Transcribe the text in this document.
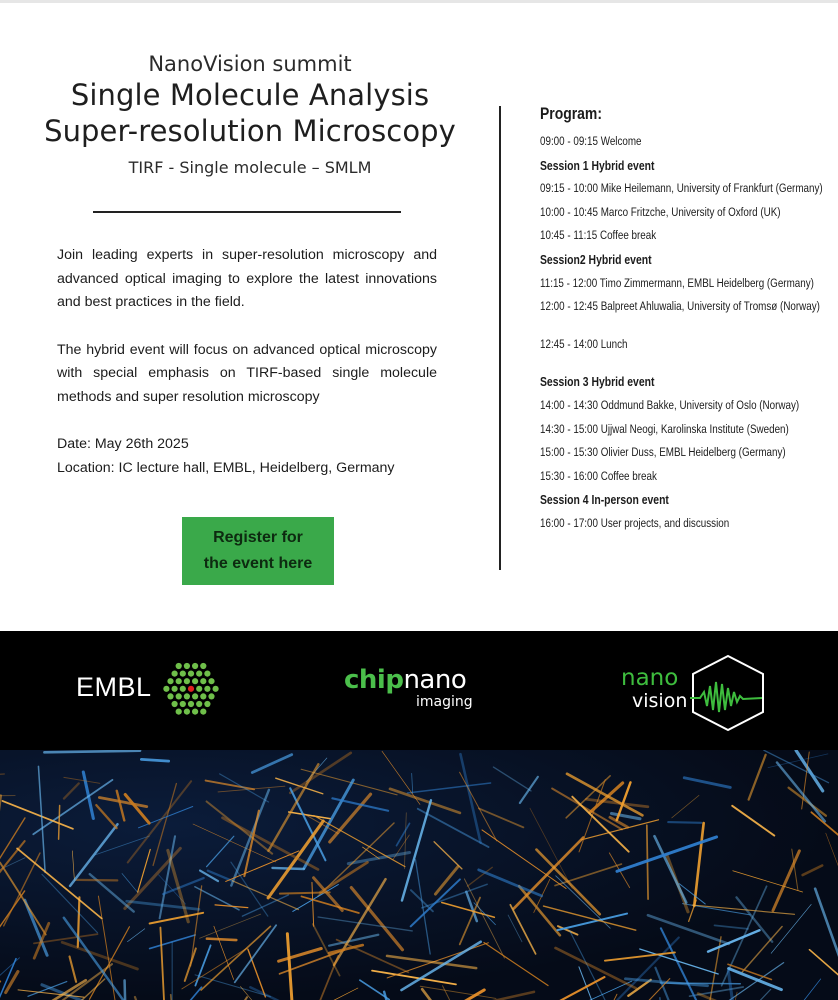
NanoVision summit
Single Molecule Analysis
Super-resolution Microscopy
TIRF - Single molecule – SMLM

Join leading experts in super-resolution microscopy and advanced optical imaging to explore the latest innovations and best practices in the field.

The hybrid event will focus on advanced optical microscopy with special emphasis on TIRF-based single molecule methods and super resolution microscopy

Date: May 26th 2025
Location: IC lecture hall, EMBL, Heidelberg, Germany
Register for
the event here
Program:
09:00 - 09:15 Welcome
Session 1 Hybrid event
09:15 - 10:00 Mike Heilemann, University of Frankfurt (Germany)
10:00 - 10:45 Marco Fritzche, University of Oxford (UK)
10:45 - 11:15 Coffee break
Session2 Hybrid event
11:15 - 12:00 Timo Zimmermann, EMBL Heidelberg (Germany)
12:00 - 12:45 Balpreet Ahluwalia, University of Tromsø (Norway)
12:45 - 14:00 Lunch
Session 3 Hybrid event
14:00 - 14:30 Oddmund Bakke, University of Oslo (Norway)
14:30 - 15:00 Ujjwal Neogi, Karolinska Institute (Sweden)
15:00 - 15:30 Olivier Duss, EMBL Heidelberg (Germany)
15:30 - 16:00 Coffee break
Session 4 In-person event
16:00 - 17:00 User projects, and discussion
EMBL	chipnano
imaging
nano
vision
